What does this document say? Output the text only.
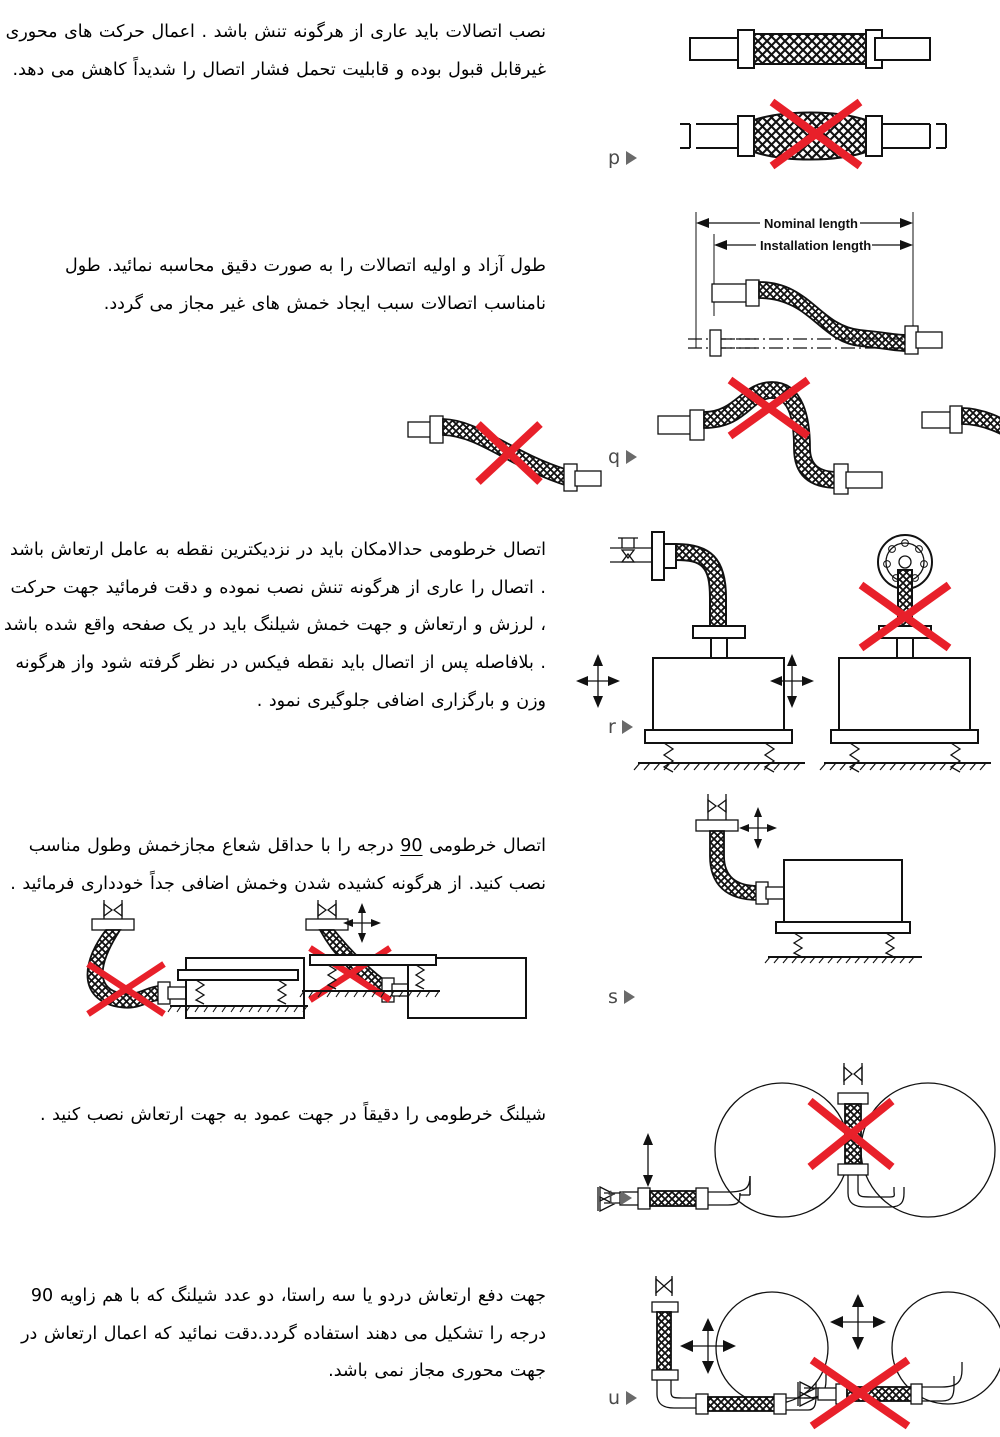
نصب اتصالات باید عاری از هرگونه تنش باشد . اعمال حرکت های محوری غیرقابل قبول بوده و قابلیت تحمل فشار اتصال را شدیداً کاهش می دهد.
p
طول آزاد و اولیه اتصالات را به صورت دقیق محاسبه نمائید. طول نامناسب اتصالات سبب ایجاد خمش های غیر مجاز می گردد.
Nominal length
Installation length
q
اتصال خرطومی حدالامکان باید در نزدیکترین نقطه به عامل ارتعاش باشد . اتصال را عاری از هرگونه تنش نصب نموده و دقت فرمائید جهت حرکت ، لرزش و ارتعاش و جهت خمش شیلنگ باید در یک صفحه واقع شده باشد . بلافاصله پس از اتصال باید نقطه فیکس در نظر گرفته شود واز هرگونه وزن و بارگزاری اضافی جلوگیری نمود .
r
اتصال خرطومی 90 درجه را با حداقل شعاع مجازخمش وطول مناسب نصب کنید. از هرگونه کشیده شدن وخمش اضافی جداً خودداری فرمائید .
s
شیلنگ خرطومی را دقیقاً در جهت عمود به جهت ارتعاش نصب کنید .
t
جهت دفع ارتعاش دردو یا سه راستا، دو عدد شیلنگ که با هم زاویه 90 درجه را تشکیل می دهند استفاده گردد.دقت نمائید که اعمال ارتعاش در جهت محوری مجاز نمی باشد.
u
